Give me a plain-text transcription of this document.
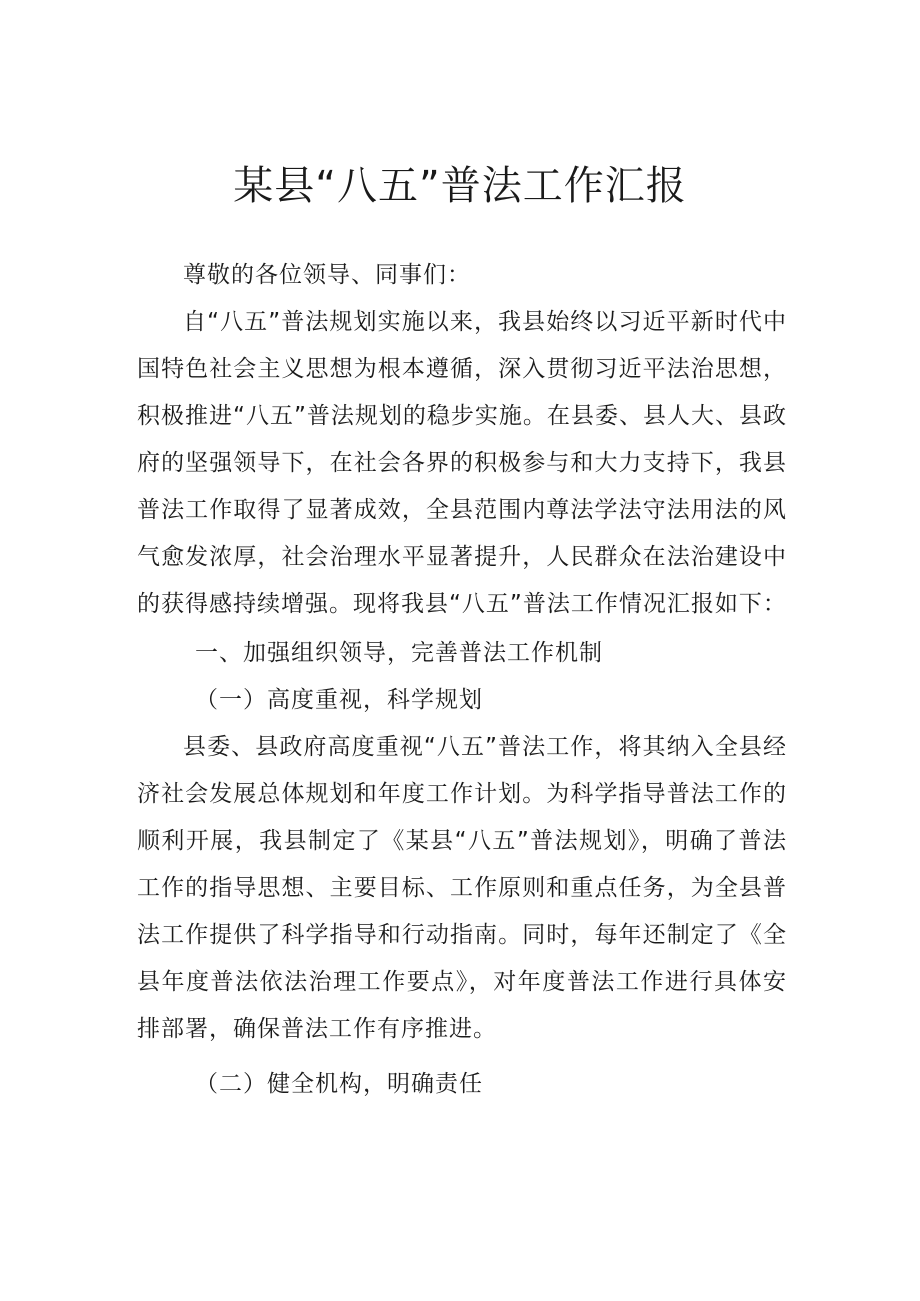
某县“八五”普法工作汇报

尊敬的各位领导、同事们：

自“八五”普法规划实施以来，我县始终以习近平新时代中国特色社会主义思想为根本遵循，深入贯彻习近平法治思想，积极推进“八五”普法规划的稳步实施。在县委、县人大、县政府的坚强领导下，在社会各界的积极参与和大力支持下，我县普法工作取得了显著成效，全县范围内尊法学法守法用法的风气愈发浓厚，社会治理水平显著提升，人民群众在法治建设中的获得感持续增强。现将我县“八五”普法工作情况汇报如下：

一、加强组织领导，完善普法工作机制

（一）高度重视，科学规划

县委、县政府高度重视“八五”普法工作，将其纳入全县经济社会发展总体规划和年度工作计划。为科学指导普法工作的顺利开展，我县制定了《某县“八五”普法规划》，明确了普法工作的指导思想、主要目标、工作原则和重点任务，为全县普法工作提供了科学指导和行动指南。同时，每年还制定了《全县年度普法依法治理工作要点》，对年度普法工作进行具体安排部署，确保普法工作有序推进。

（二）健全机构，明确责任
